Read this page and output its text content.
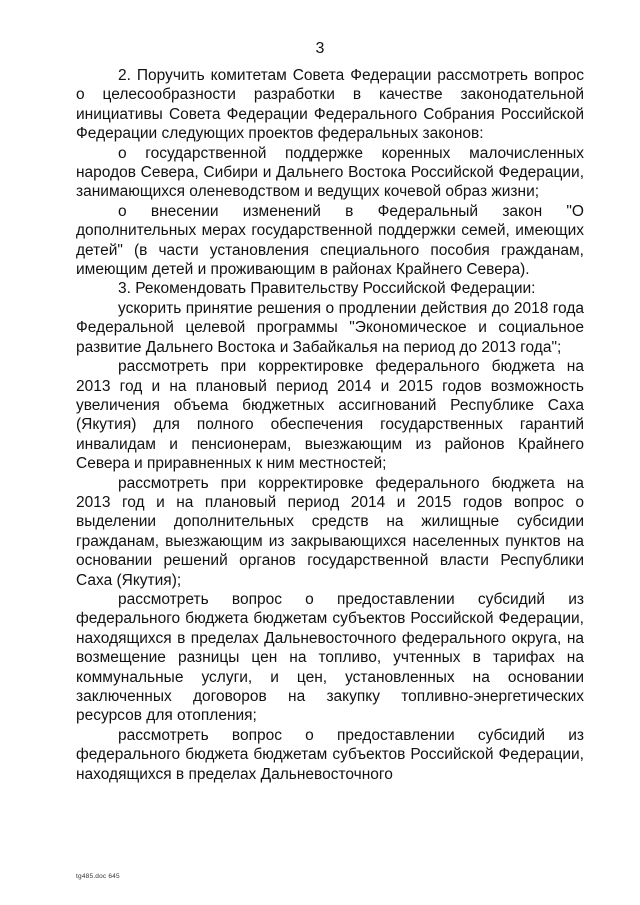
3

2. Поручить комитетам Совета Федерации рассмотреть вопрос о целесообразности разработки в качестве законодательной инициативы Совета Федерации Федерального Собрания Российской Федерации следующих проектов федеральных законов:

о государственной поддержке коренных малочисленных народов Севера, Сибири и Дальнего Востока Российской Федерации, занимающихся оленеводством и ведущих кочевой образ жизни;

о внесении изменений в Федеральный закон "О дополнительных мерах государственной поддержки семей, имеющих детей" (в части установления специального пособия гражданам, имеющим детей и проживающим в районах Крайнего Севера).

3. Рекомендовать Правительству Российской Федерации:

ускорить принятие решения о продлении действия до 2018 года Федеральной целевой программы "Экономическое и социальное развитие Дальнего Востока и Забайкалья на период до 2013 года";

рассмотреть при корректировке федерального бюджета на 2013 год и на плановый период 2014 и 2015 годов возможность увеличения объема бюджетных ассигнований Республике Саха (Якутия) для полного обеспечения государственных гарантий инвалидам и пенсионерам, выезжающим из районов Крайнего Севера и приравненных к ним местностей;

рассмотреть при корректировке федерального бюджета на 2013 год и на плановый период 2014 и 2015 годов вопрос о выделении дополнительных средств на жилищные субсидии гражданам, выезжающим из закрывающихся населенных пунктов на основании решений органов государственной власти Республики Саха (Якутия);

рассмотреть вопрос о предоставлении субсидий из федерального бюджета бюджетам субъектов Российской Федерации, находящихся в пределах Дальневосточного федерального округа, на возмещение разницы цен на топливо, учтенных в тарифах на коммунальные услуги, и цен, установленных на основании заключенных договоров на закупку топливно-энергетических ресурсов для отопления;

рассмотреть вопрос о предоставлении субсидий из федерального бюджета бюджетам субъектов Российской Федерации, находящихся в пределах Дальневосточного

tg485.doc 645
